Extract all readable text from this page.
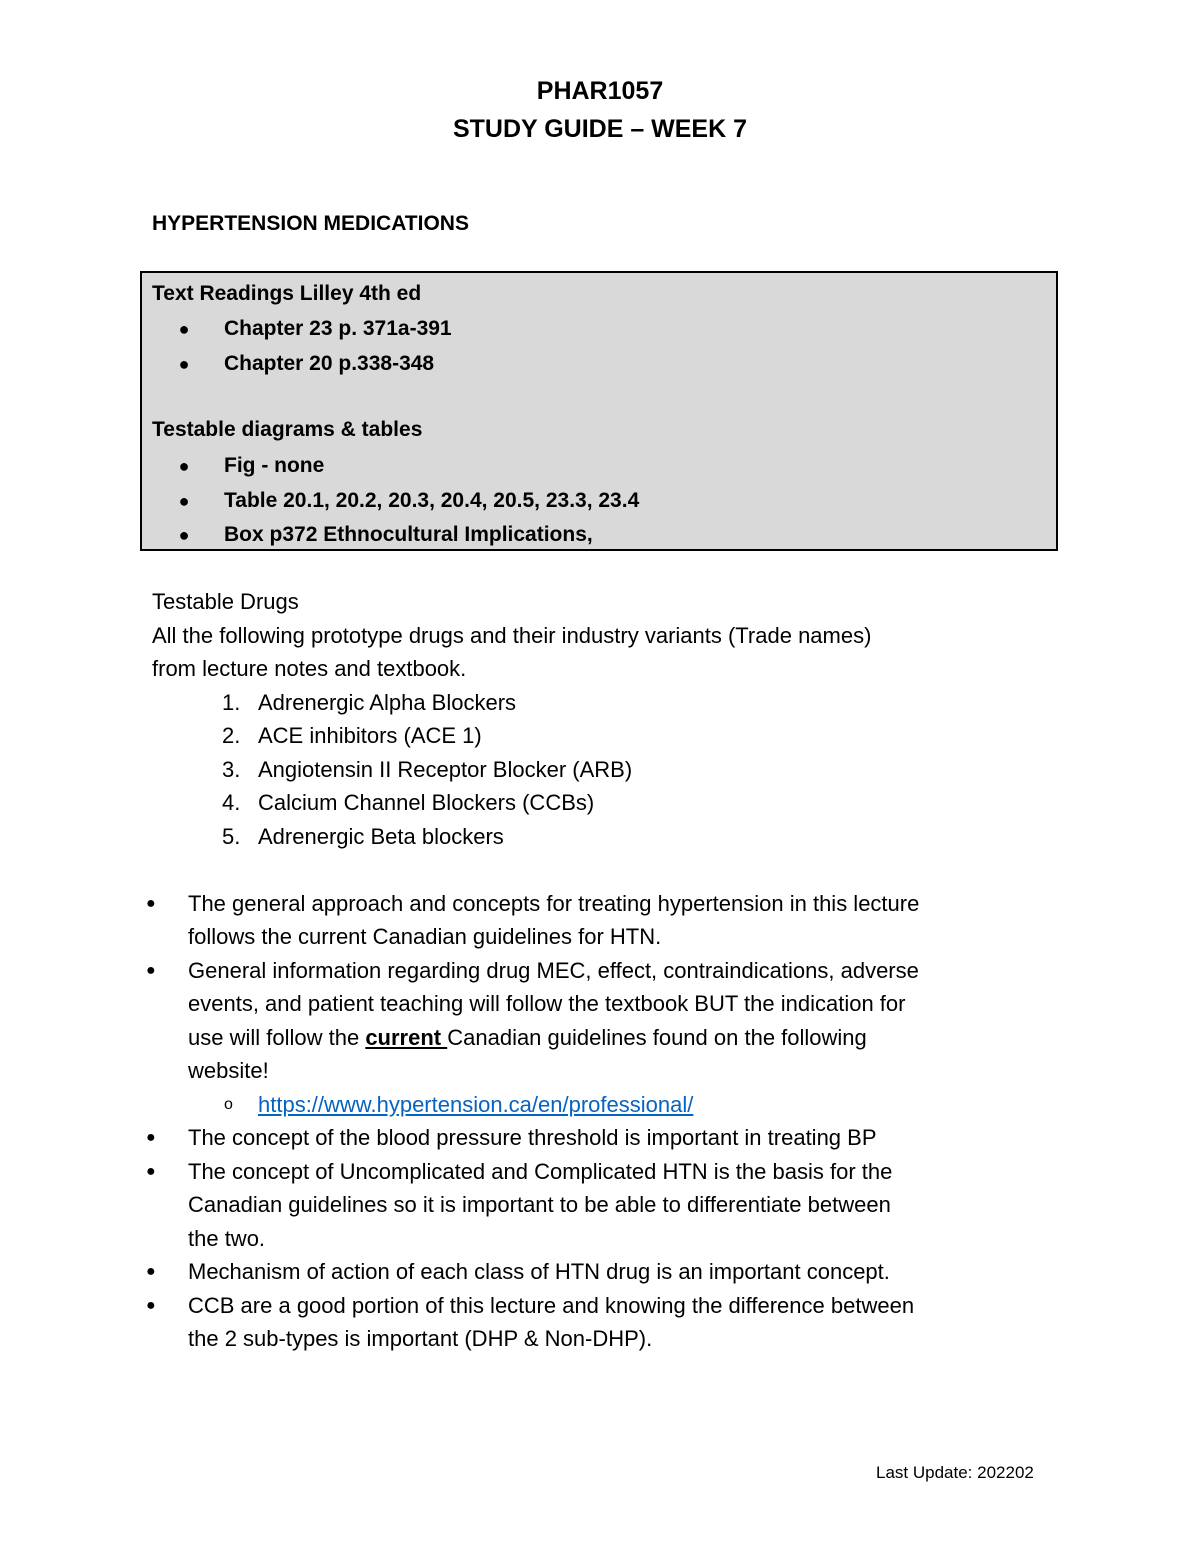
PHAR1057
STUDY GUIDE – WEEK 7
HYPERTENSION MEDICATIONS
Text Readings Lilley 4th ed
●	Chapter 23 p. 371a-391
●	Chapter 20 p.338-348
Testable diagrams & tables
●	Fig - none
●	Table 20.1, 20.2, 20.3, 20.4, 20.5, 23.3, 23.4
●	Box p372 Ethnocultural Implications,
Testable Drugs
All the following prototype drugs and their industry variants (Trade names)
from lecture notes and textbook.
1. Adrenergic Alpha Blockers
2. ACE inhibitors (ACE 1)
3. Angiotensin II Receptor Blocker (ARB)
4. Calcium Channel Blockers (CCBs)
5. Adrenergic Beta blockers
● The general approach and concepts for treating hypertension in this lecture
follows the current Canadian guidelines for HTN.
● General information regarding drug MEC, effect, contraindications, adverse
events, and patient teaching will follow the textbook BUT the indication for
use will follow the current Canadian guidelines found on the following
website!
o https://www.hypertension.ca/en/professional/
● The concept of the blood pressure threshold is important in treating BP
● The concept of Uncomplicated and Complicated HTN is the basis for the
Canadian guidelines so it is important to be able to differentiate between
the two.
● Mechanism of action of each class of HTN drug is an important concept.
● CCB are a good portion of this lecture and knowing the difference between
the 2 sub-types is important (DHP & Non-DHP).
Last Update: 202202
